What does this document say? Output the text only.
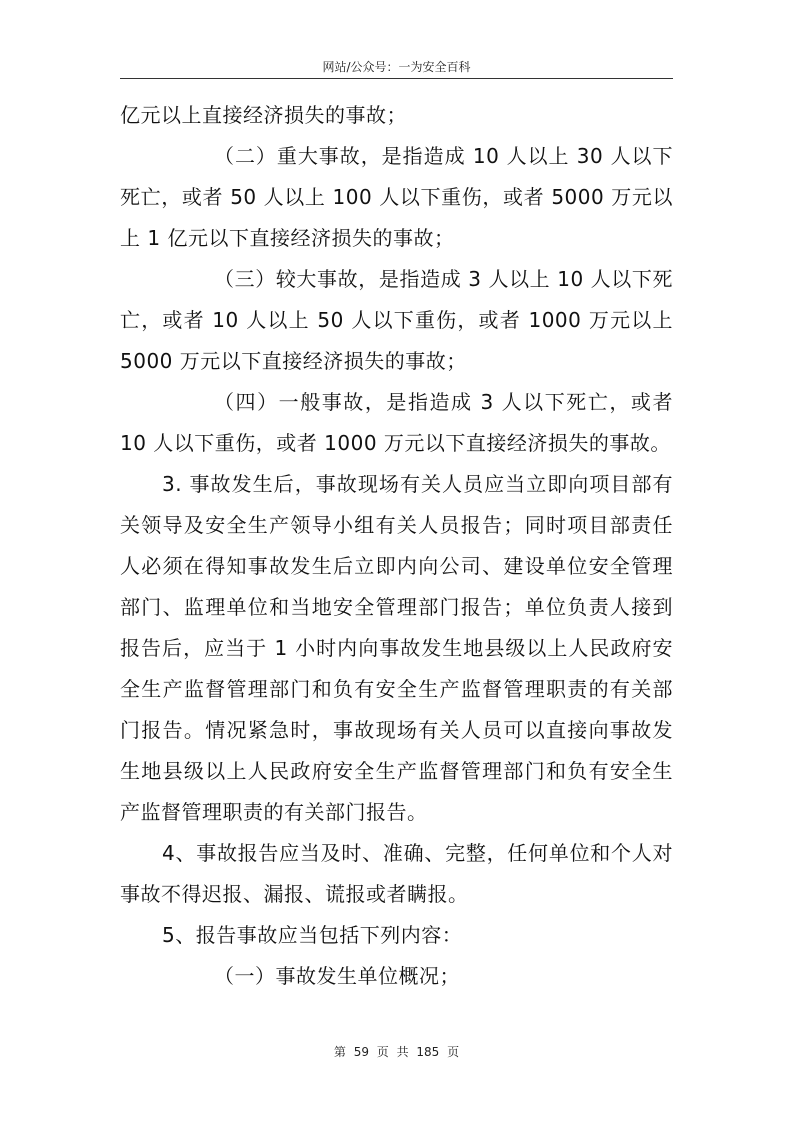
网站/公众号：一为安全百科

亿元以上直接经济损失的事故；

（二）重大事故，是指造成 10 人以上 30 人以下死亡，或者 50 人以上 100 人以下重伤，或者 5000 万元以上 1 亿元以下直接经济损失的事故；

（三）较大事故，是指造成 3 人以上 10 人以下死亡，或者 10 人以上 50 人以下重伤，或者 1000 万元以上 5000 万元以下直接经济损失的事故；

（四）一般事故，是指造成 3 人以下死亡，或者 10 人以下重伤，或者 1000 万元以下直接经济损失的事故。

3. 事故发生后，事故现场有关人员应当立即向项目部有关领导及安全生产领导小组有关人员报告；同时项目部责任人必须在得知事故发生后立即内向公司、建设单位安全管理部门、监理单位和当地安全管理部门报告；单位负责人接到报告后，应当于 1 小时内向事故发生地县级以上人民政府安全生产监督管理部门和负有安全生产监督管理职责的有关部门报告。情况紧急时，事故现场有关人员可以直接向事故发生地县级以上人民政府安全生产监督管理部门和负有安全生产监督管理职责的有关部门报告。

4、事故报告应当及时、准确、完整，任何单位和个人对事故不得迟报、漏报、谎报或者瞒报。

5、报告事故应当包括下列内容：

（一）事故发生单位概况；

第 59 页 共 185 页
